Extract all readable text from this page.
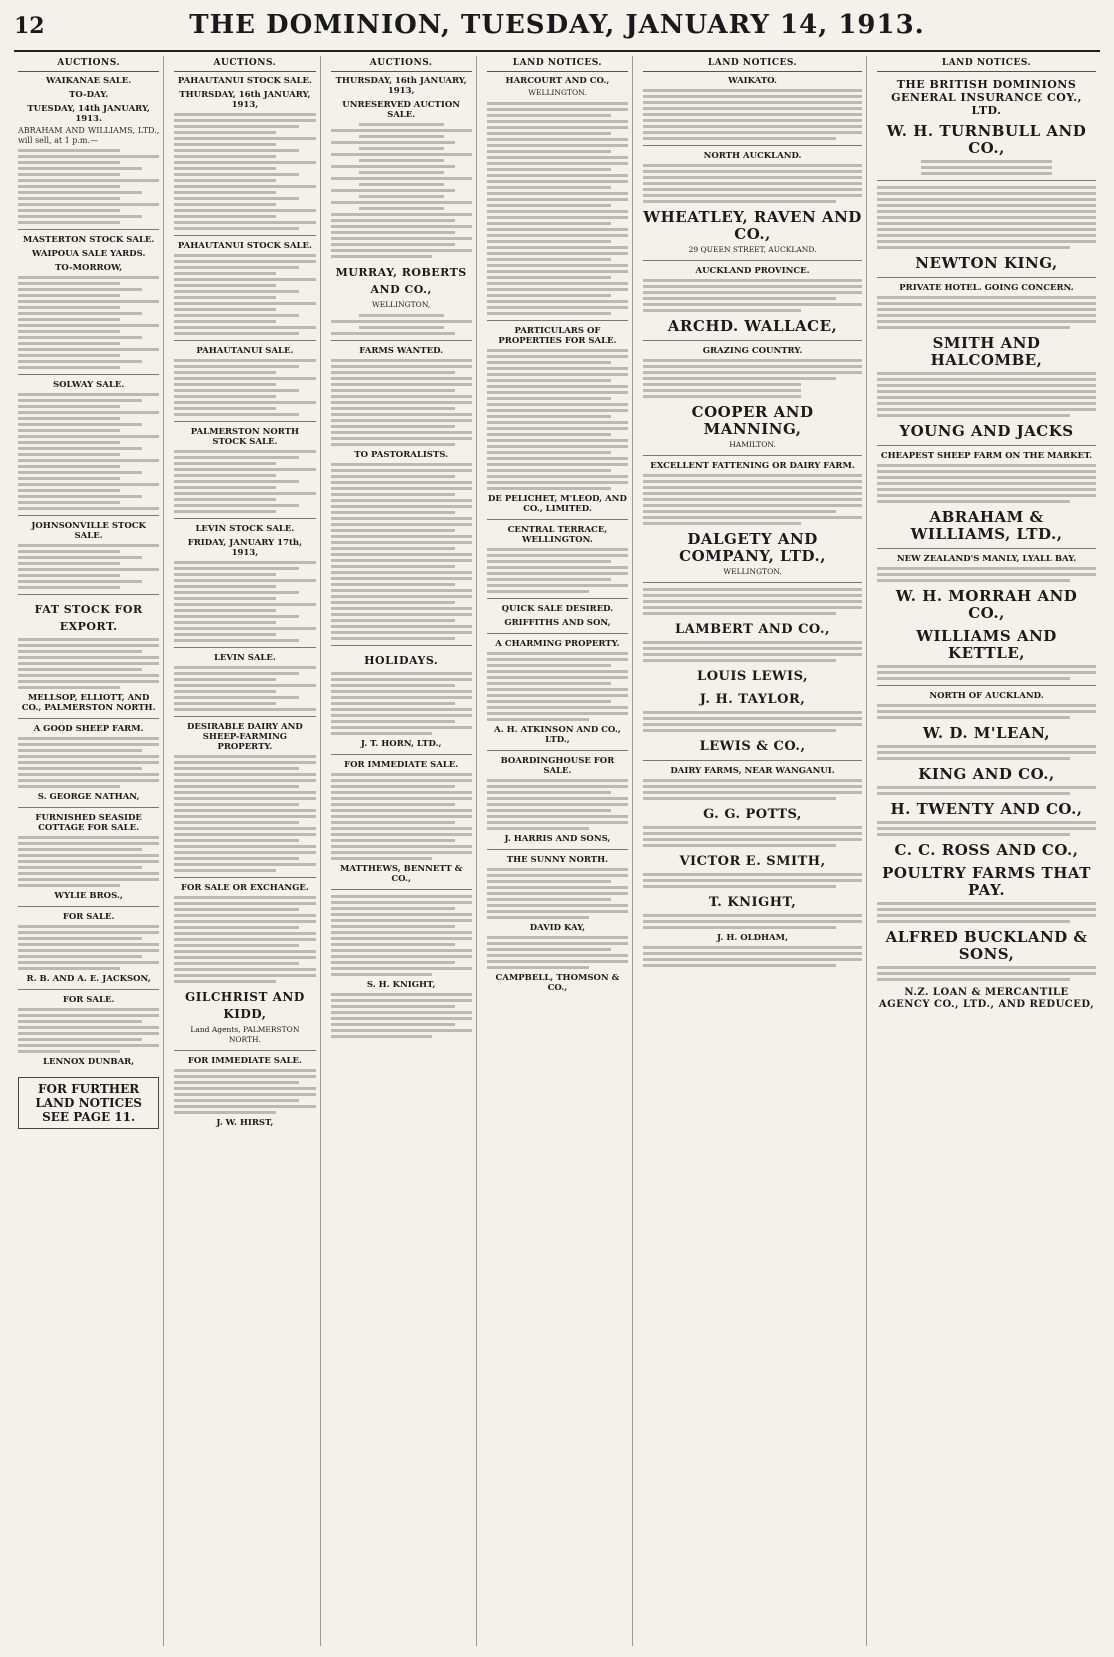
12	THE DOMINION, TUESDAY, JANUARY 14, 1913.
AUCTIONS.
WAIKANAE SALE.
TO-DAY.
TUESDAY, 14th JANUARY, 1913.
ABRAHAM AND WILLIAMS, LTD., will sell, at 1 p.m.—
MASTERTON STOCK SALE.
WAIPOUA SALE YARDS.
TO-MORROW,
SOLWAY SALE.
JOHNSONVILLE STOCK SALE.
FAT STOCK FOR EXPORT.
MELLSOP, ELLIOTT, AND CO., PALMERSTON NORTH.
A GOOD SHEEP FARM.
S. GEORGE NATHAN,
FURNISHED SEASIDE COTTAGE FOR SALE.
WYLIE BROS.,
FOR SALE.
R. B. AND A. E. JACKSON,
FOR SALE.
LENNOX DUNBAR,
FOR FURTHER LAND NOTICES SEE PAGE 11.
AUCTIONS.
PAHAUTANUI STOCK SALE.
THURSDAY, 16th JANUARY, 1913,
PAHAUTANUI STOCK SALE.
PAHAUTANUI SALE.
PALMERSTON NORTH STOCK SALE.
LEVIN STOCK SALE.
FRIDAY, JANUARY 17th, 1913,
LEVIN SALE.
DESIRABLE DAIRY AND SHEEP-FARMING PROPERTY.
FOR SALE OR EXCHANGE.
GILCHRIST AND KIDD,
Land Agents, PALMERSTON NORTH.
FOR IMMEDIATE SALE.
J. W. HIRST,
AUCTIONS.
THURSDAY, 16th JANUARY, 1913,
UNRESERVED AUCTION SALE.
MURRAY, ROBERTS AND CO.,
WELLINGTON,
FARMS WANTED.
TO PASTORALISTS.
HOLIDAYS.
J. T. HORN, LTD.,
FOR IMMEDIATE SALE.
MATTHEWS, BENNETT & CO.,
S. H. KNIGHT,
LAND NOTICES.
HARCOURT AND CO.,
WELLINGTON.
PARTICULARS OF PROPERTIES FOR SALE.
DE PELICHET, M'LEOD, AND CO., LIMITED.
CENTRAL TERRACE, WELLINGTON.
QUICK SALE DESIRED.
GRIFFITHS AND SON,
A CHARMING PROPERTY.
A. H. ATKINSON AND CO., LTD.,
BOARDINGHOUSE FOR SALE.
J. HARRIS AND SONS,
THE SUNNY NORTH.
DAVID KAY,
CAMPBELL, THOMSON & CO.,
LAND NOTICES.
WAIKATO.
NORTH AUCKLAND.
WHEATLEY, RAVEN AND CO.,
29 QUEEN STREET, AUCKLAND.
AUCKLAND PROVINCE.
ARCHD. WALLACE,
GRAZING COUNTRY.
COOPER AND MANNING,
HAMILTON.
EXCELLENT FATTENING OR DAIRY FARM.
DALGETY AND COMPANY, LTD.,
WELLINGTON.
LAMBERT AND CO.,
LOUIS LEWIS,
J. H. TAYLOR,
LEWIS & CO.,
DAIRY FARMS, NEAR WANGANUI.
G. G. POTTS,
VICTOR E. SMITH,
T. KNIGHT,
J. H. OLDHAM,
LAND NOTICES.
THE BRITISH DOMINIONS GENERAL INSURANCE COY., LTD.
W. H. TURNBULL AND CO.,
NEWTON KING,
PRIVATE HOTEL. GOING CONCERN.
SMITH AND HALCOMBE,
YOUNG AND JACKS
CHEAPEST SHEEP FARM ON THE MARKET.
ABRAHAM & WILLIAMS, LTD.,
NEW ZEALAND'S MANLY, LYALL BAY.
W. H. MORRAH AND CO.,
WILLIAMS AND KETTLE,
NORTH OF AUCKLAND.
W. D. M'LEAN,
KING AND CO.,
H. TWENTY AND CO.,
C. C. ROSS AND CO.,
POULTRY FARMS THAT PAY.
ALFRED BUCKLAND & SONS,
N.Z. LOAN & MERCANTILE AGENCY CO., LTD., AND REDUCED,
